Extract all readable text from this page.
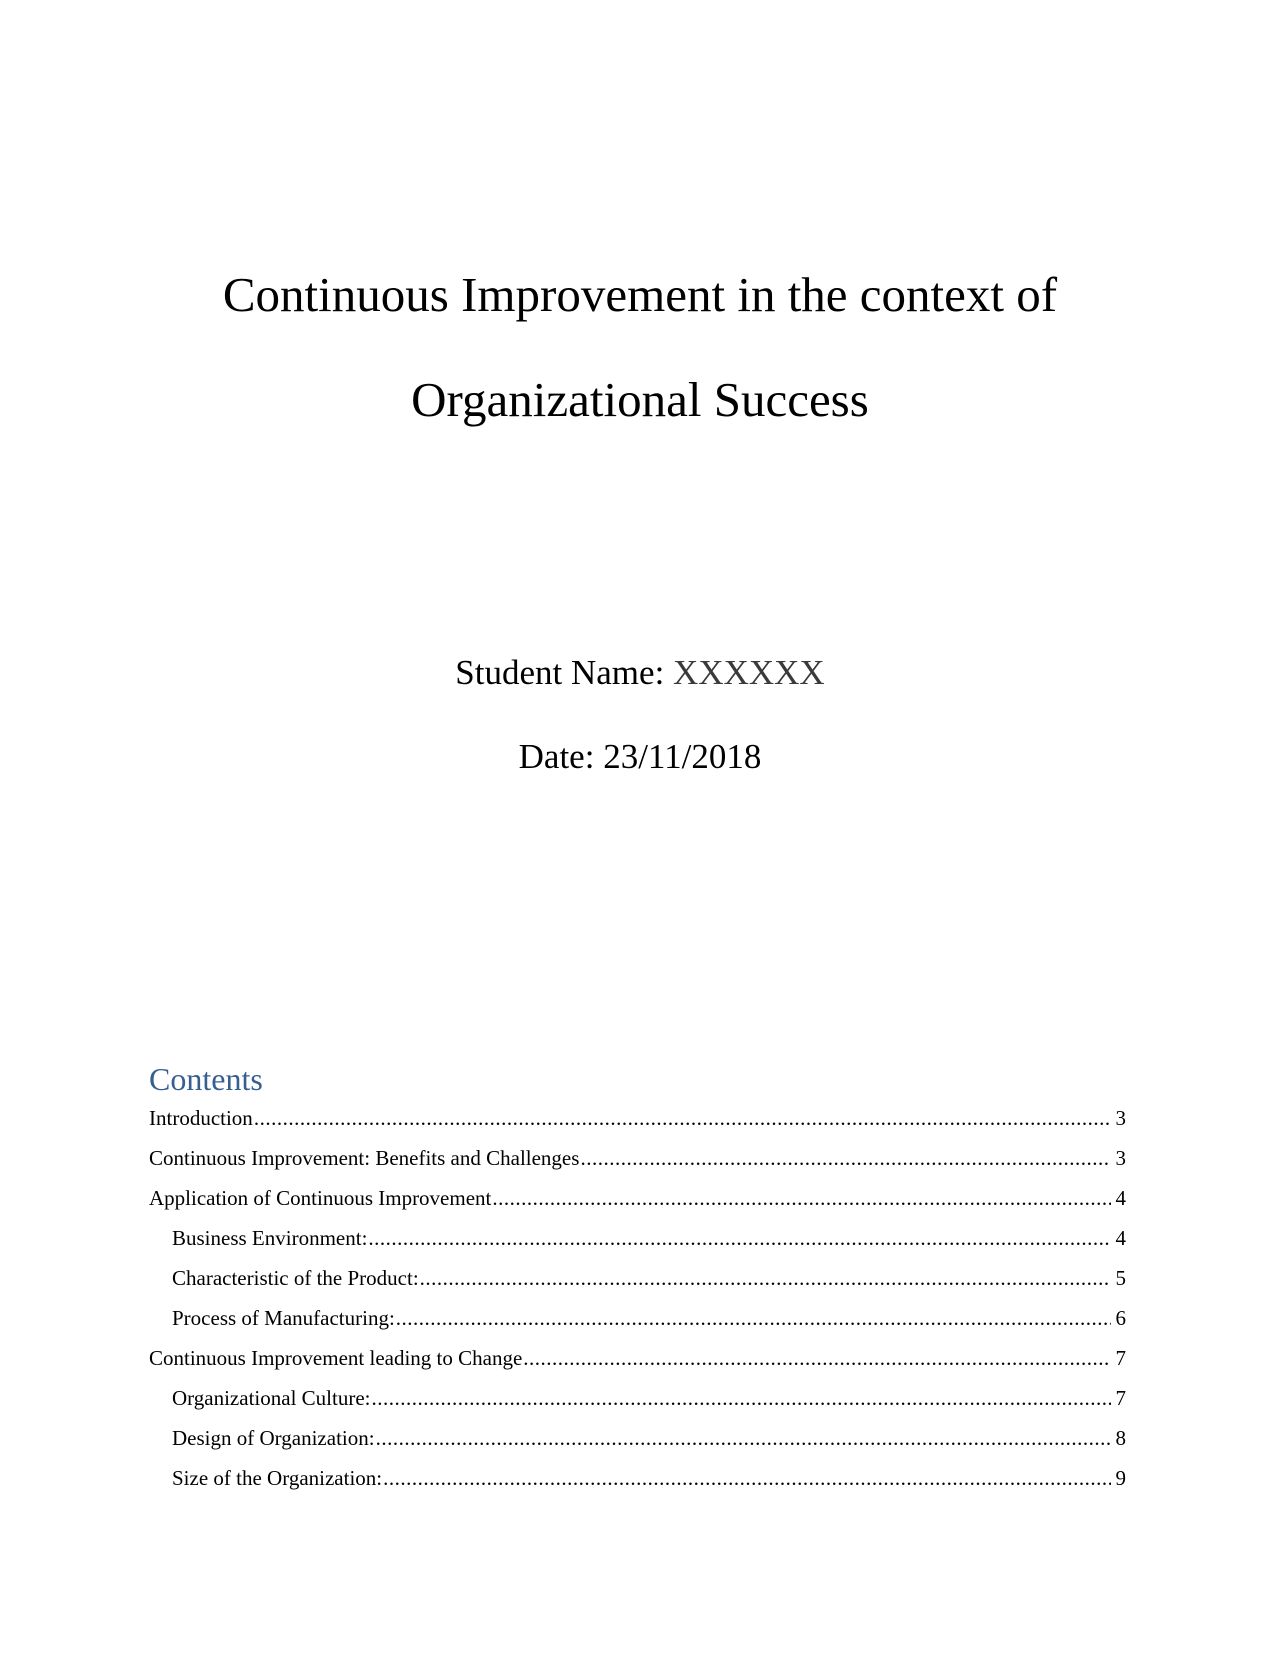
Continuous Improvement in the context of
Organizational Success
Student Name: XXXXXX
Date: 23/11/2018
Contents
Introduction .....	3
Continuous Improvement: Benefits and Challenges .....	3
Application of Continuous Improvement .....	4
Business Environment: .....	4
Characteristic of the Product: .....	5
Process of Manufacturing: .....	6
Continuous Improvement leading to Change .....	7
Organizational Culture: .....	7
Design of Organization: .....	8
Size of the Organization: .....	9
